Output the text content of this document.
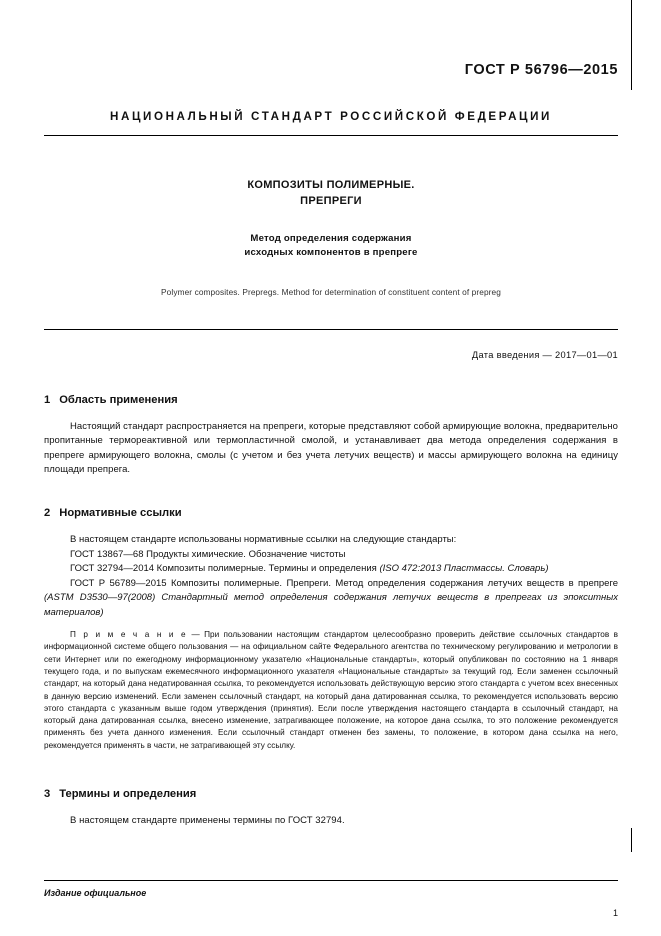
ГОСТ Р 56796—2015
НАЦИОНАЛЬНЫЙ СТАНДАРТ РОССИЙСКОЙ ФЕДЕРАЦИИ
КОМПОЗИТЫ ПОЛИМЕРНЫЕ.
ПРЕПРЕГИ
Метод определения содержания
исходных компонентов в препреге
Polymer composites. Prepregs. Method for determination of constituent content of prepreg
Дата введения — 2017—01—01
1 Область применения

Настоящий стандарт распространяется на препреги, которые представляют собой армирующие волокна, предварительно пропитанные термореактивной или термопластичной смолой, и устанавливает два метода определения содержания в препреге армирующего волокна, смолы (с учетом и без учета летучих веществ) и массы армирующего волокна на единицу площади препрега.

2 Нормативные ссылки

В настоящем стандарте использованы нормативные ссылки на следующие стандарты:

ГОСТ 13867—68 Продукты химические. Обозначение чистоты

ГОСТ 32794—2014 Композиты полимерные. Термины и определения (ISO 472:2013 Пластмассы. Словарь)

ГОСТ Р 56789—2015 Композиты полимерные. Препреги. Метод определения содержания летучих веществ в препреге (ASTM D3530—97(2008) Стандартный метод определения содержания летучих веществ в препрегах из эпокситных материалов)

П р и м е ч а н и е — При пользовании настоящим стандартом целесообразно проверить действие ссылочных стандартов в информационной системе общего пользования — на официальном сайте Федерального агентства по техническому регулированию и метрологии в сети Интернет или по ежегодному информационному указателю «Национальные стандарты», который опубликован по состоянию на 1 января текущего года, и по выпускам ежемесячного информационного указателя «Национальные стандарты» за текущий год. Если заменен ссылочный стандарт, на который дана недатированная ссылка, то рекомендуется использовать действующую версию этого стандарта с учетом всех внесенных в данную версию изменений. Если заменен ссылочный стандарт, на который дана датированная ссылка, то рекомендуется использовать версию этого стандарта с указанным выше годом утверждения (принятия). Если после утверждения настоящего стандарта в ссылочный стандарт, на который дана датированная ссылка, внесено изменение, затрагивающее положение, на которое дана ссылка, то это положение рекомендуется применять без учета данного изменения. Если ссылочный стандарт отменен без замены, то положение, в котором дана ссылка на него, рекомендуется применять в части, не затрагивающей эту ссылку.

3 Термины и определения

В настоящем стандарте применены термины по ГОСТ 32794.

Издание официальное
1
